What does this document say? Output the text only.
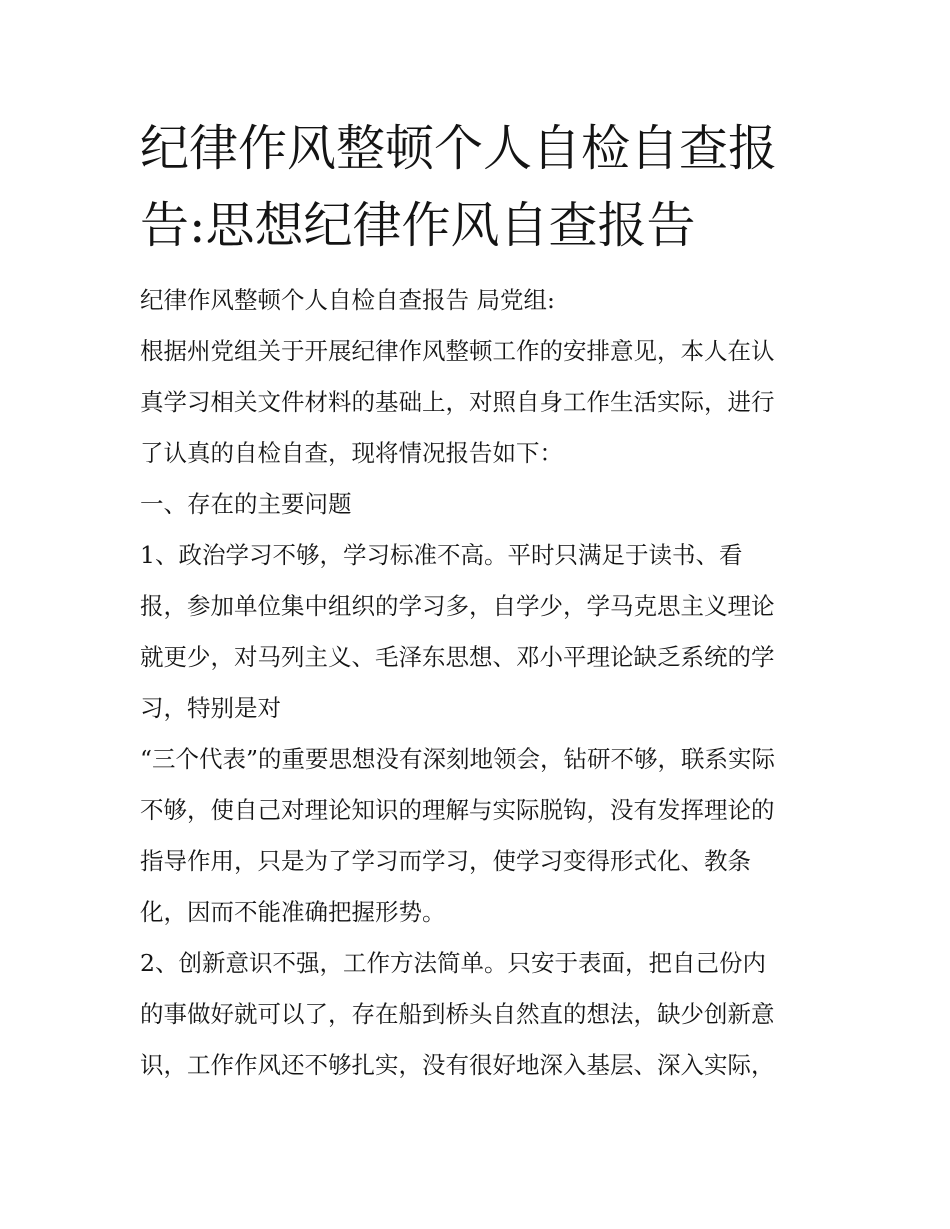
纪律作风整顿个人自检自查报
告:思想纪律作风自查报告
纪律作风整顿个人自检自查报告 局党组:
根据州党组关于开展纪律作风整顿工作的安排意见，本人在认
真学习相关文件材料的基础上，对照自身工作生活实际，进行
了认真的自检自查，现将情况报告如下：
一、存在的主要问题
1、政治学习不够，学习标准不高。平时只满足于读书、看
报，参加单位集中组织的学习多，自学少，学马克思主义理论
就更少，对马列主义、毛泽东思想、邓小平理论缺乏系统的学
习，特别是对
“三个代表”的重要思想没有深刻地领会，钻研不够，联系实际
不够，使自己对理论知识的理解与实际脱钩，没有发挥理论的
指导作用，只是为了学习而学习，使学习变得形式化、教条
化，因而不能准确把握形势。
2、创新意识不强，工作方法简单。只安于表面，把自己份内
的事做好就可以了，存在船到桥头自然直的想法，缺少创新意
识，工作作风还不够扎实，没有很好地深入基层、深入实际，
